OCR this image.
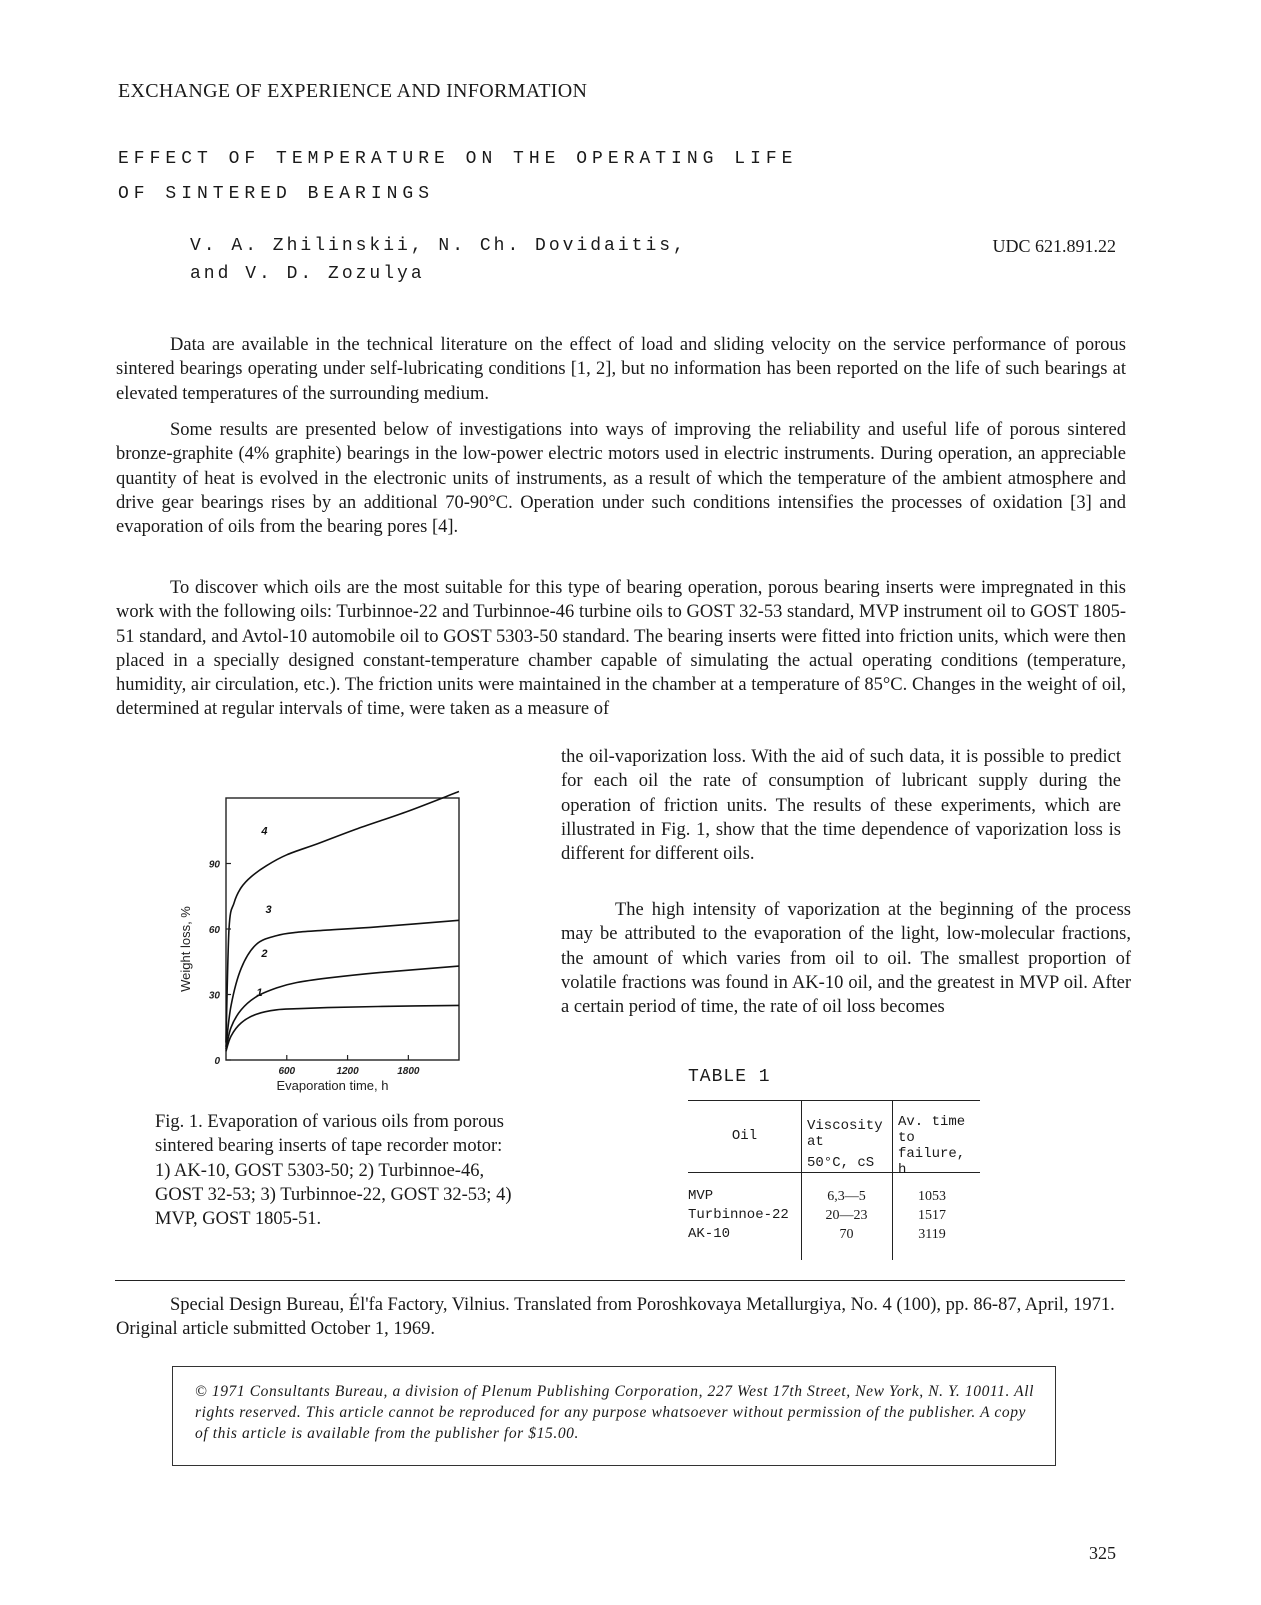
EXCHANGE OF EXPERIENCE AND INFORMATION
EFFECT OF TEMPERATURE ON THE OPERATING LIFE
OF SINTERED BEARINGS
V. A. Zhilinskii, N. Ch. Dovidaitis,
and V. D. Zozulya
UDC 621.891.22

Data are available in the technical literature on the effect of load and sliding velocity on the service performance of porous sintered bearings operating under self-lubricating conditions [1, 2], but no information has been reported on the life of such bearings at elevated temperatures of the surrounding medium.

Some results are presented below of investigations into ways of improving the reliability and useful life of porous sintered bronze-graphite (4% graphite) bearings in the low-power electric motors used in electric instruments. During operation, an appreciable quantity of heat is evolved in the electronic units of instruments, as a result of which the temperature of the ambient atmosphere and drive gear bearings rises by an additional 70-90°C. Operation under such conditions intensifies the processes of oxidation [3] and evaporation of oils from the bearing pores [4].

To discover which oils are the most suitable for this type of bearing operation, porous bearing inserts were impregnated in this work with the following oils: Turbinnoe-22 and Turbinnoe-46 turbine oils to GOST 32-53 standard, MVP instrument oil to GOST 1805-51 standard, and Avtol-10 automobile oil to GOST 5303-50 standard. The bearing inserts were fitted into friction units, which were then placed in a specially designed constant-temperature chamber capable of simulating the actual operating conditions (temperature, humidity, air circulation, etc.). The friction units were maintained in the chamber at a temperature of 85°C. Changes in the weight of oil, determined at regular intervals of time, were taken as a measure of

the oil-vaporization loss. With the aid of such data, it is possible to predict for each oil the rate of consumption of lubricant supply during the operation of friction units. The results of these experiments, which are illustrated in Fig. 1, show that the time dependence of vaporization loss is different for different oils.

The high intensity of vaporization at the beginning of the process may be attributed to the evaporation of the light, low-molecular fractions, the amount of which varies from oil to oil. The smallest proportion of volatile fractions was found in AK-10 oil, and the greatest in MVP oil. After a certain period of time, the rate of oil loss becomes

1
2
3
4
0
30
60
90
600	1200	1800
Evaporation time, h
Weight loss, %
Fig. 1. Evaporation of various oils from porous sintered bearing inserts of tape recorder motor: 1) AK-10, GOST 5303-50; 2) Turbinnoe-46, GOST 32-53; 3) Turbinnoe-22, GOST 32-53; 4) MVP, GOST 1805-51.
TABLE 1
Oil
Viscosity at
50°C, cS
Av. time
to failure,
h
MVP
Turbinnoe-22
AK-10
6,3—5
20—23
70
1053
1517
3119
Special Design Bureau, Él'fa Factory, Vilnius. Translated from Poroshkovaya Metallurgiya, No. 4 (100), pp. 86-87, April, 1971. Original article submitted October 1, 1969.
© 1971 Consultants Bureau, a division of Plenum Publishing Corporation, 227 West 17th Street, New York, N. Y. 10011. All rights reserved. This article cannot be reproduced for any purpose whatsoever without permission of the publisher. A copy of this article is available from the publisher for $15.00.
325
